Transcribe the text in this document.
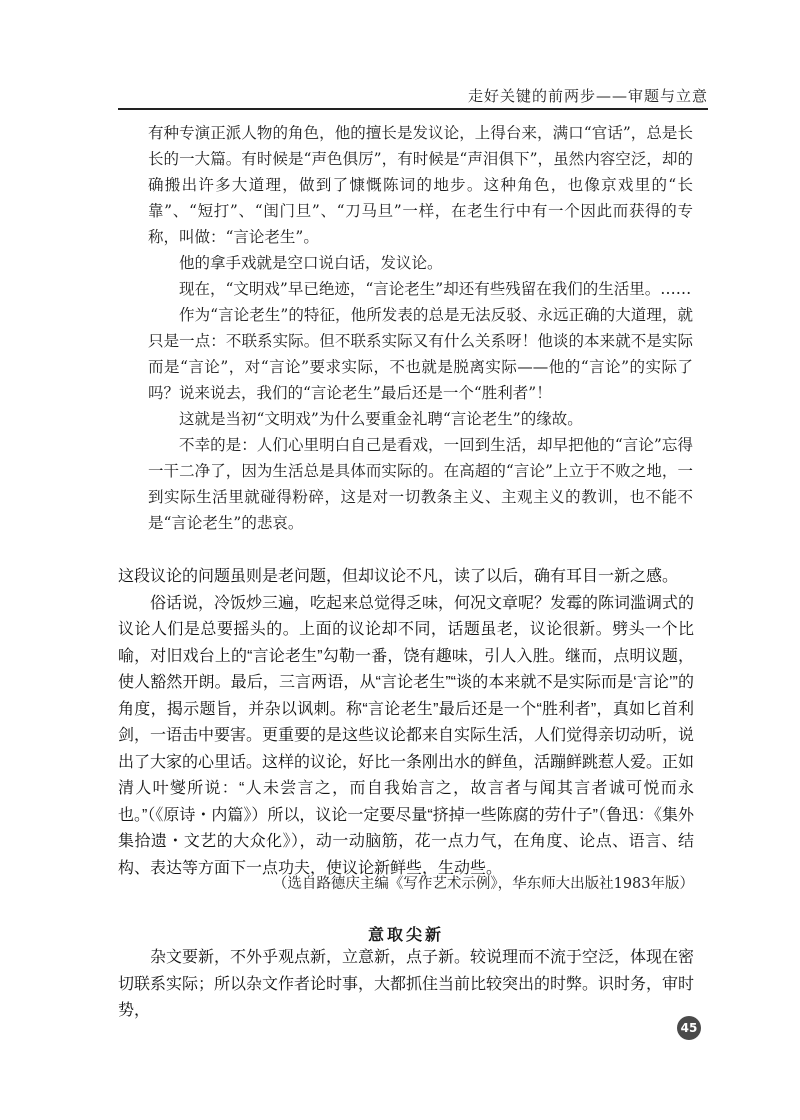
走好关键的前两步——审题与立意

有种专演正派人物的角色，他的擅长是发议论，上得台来，满口“官话”，总是长长的一大篇。有时候是“声色俱厉”，有时候是“声泪俱下”，虽然内容空泛，却的确搬出许多大道理，做到了慷慨陈词的地步。这种角色，也像京戏里的“长靠”、“短打”、“闺门旦”、“刀马旦”一样，在老生行中有一个因此而获得的专称，叫做：“言论老生”。

他的拿手戏就是空口说白话，发议论。

现在，“文明戏”早已绝迹，“言论老生”却还有些残留在我们的生活里。……

作为“言论老生”的特征，他所发表的总是无法反驳、永远正确的大道理，就只是一点：不联系实际。但不联系实际又有什么关系呀！他谈的本来就不是实际而是“言论”，对“言论”要求实际，不也就是脱离实际——他的“言论”的实际了吗？说来说去，我们的“言论老生”最后还是一个“胜利者”！

这就是当初“文明戏”为什么要重金礼聘“言论老生”的缘故。

不幸的是：人们心里明白自己是看戏，一回到生活，却早把他的“言论”忘得一干二净了，因为生活总是具体而实际的。在高超的“言论”上立于不败之地，一到实际生活里就碰得粉碎，这是对一切教条主义、主观主义的教训，也不能不是“言论老生”的悲哀。

这段议论的问题虽则是老问题，但却议论不凡，读了以后，确有耳目一新之感。

俗话说，冷饭炒三遍，吃起来总觉得乏味，何况文章呢？发霉的陈词滥调式的议论人们是总要摇头的。上面的议论却不同，话题虽老，议论很新。劈头一个比喻，对旧戏台上的“言论老生”勾勒一番，饶有趣味，引人入胜。继而，点明议题，使人豁然开朗。最后，三言两语，从“言论老生”“谈的本来就不是实际而是‘言论’”的角度，揭示题旨，并杂以讽刺。称“言论老生”最后还是一个“胜利者”，真如匕首利剑，一语击中要害。更重要的是这些议论都来自实际生活，人们觉得亲切动听，说出了大家的心里话。这样的议论，好比一条刚出水的鲜鱼，活蹦鲜跳惹人爱。正如清人叶燮所说：“人未尝言之，而自我始言之，故言者与闻其言者诚可悦而永也。”（《原诗・内篇》）所以，议论一定要尽量“挤掉一些陈腐的劳什子”（鲁迅：《集外集拾遗・文艺的大众化》），动一动脑筋，花一点力气，在角度、论点、语言、结构、表达等方面下一点功夫，使议论新鲜些，生动些。

（选自路德庆主编《写作艺术示例》，华东师大出版社1983年版）
意取尖新

杂文要新，不外乎观点新，立意新，点子新。较说理而不流于空泛，体现在密切联系实际；所以杂文作者论时事，大都抓住当前比较突出的时弊。识时务，审时势，

45
